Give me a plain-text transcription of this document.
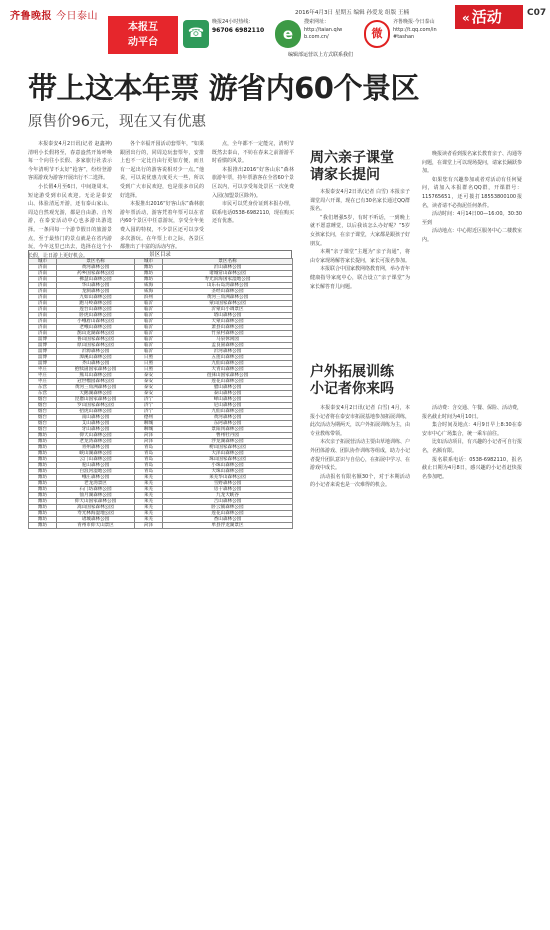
齐鲁晚报 今日泰山	2016年4月3日 星期五 编辑 孙爱龙 组版 王楠	« 活动	C07
本报互
动平台
☎
晚报24小时热线：
96706 6982110	e
搜索网址：
http://taian.qlw
b.com.cn/	微
齐鲁晚报·今日泰山
http://t.qq.com/in
#tashan
编辑部运营以上方式联系我们
带上这本年票 游省内60个景区
原售价96元，现在又有优惠

本报泰安4月2日讯(记者 赵鑫神) 清明小长假将至，春意盎然开始呼唤每一个向往小长假、多家旅行社表示今年清明节不太好“抢客”，纷纷登游客需游戏为游客开展出行不二选择。

小长假4月至6日，中间逢周末，短途游受到市民欢迎。无论是泰安山、体验清远开游，还有泰山家山、周边自然观光游，都是自由游、自驾游，在泰安活动中心也多游出游选择。一条同每一个游节假日的旅游景点，至于最热门的景点就是在省内游玩，今年这里已出去，选择在这个小长假，让日游上更好机会。

各个幸福开园活动套票年，“如果跟团出行的，同周边玩套票年，安排上也不一定比自由行更加方便，而且有一起出行的游客说相对少一点。”他说，可以说优惠力度更大一些，所以受到广大市民欢迎，也是很多市民的好选择。

本报推出2016“好客山东”森林旅游年票活动，游客凭着年票可以在省内60个景区中任意游玩，享受全年免费入园的特权，不少景区还可以享受多次游玩。在年票上市之际，各景区都推出了丰富的活动内容。

点，全年都不一定能完，清明节既然去泰山，不妨在春来之前游游平时看惯的风景。

本报推出2016“好客山东”森林旅游年票，持年票游客在全省60个景区以内，可以享受每处景区一次免费入园(加盟景区除外)。

市民可以凭身份证到本报办理，联系电话0538-6982110，现在购买还有优惠。

景区目录
城市	景区名称	城市	景区名称
济南	黄河森林公园	潍坊	沂山森林公园
济南	药乡国家森林公园	潍坊	诸城常山森林公园
济南	佛慧山森林公园	潍坊	寿光滨海国家湿地公园
济南	华山森林公园	威海	山东石岛湾森林公园
济南	龙洞森林公园	威海	圣经山森林公园
济南	九如山森林公园	滨州	黄河三角洲森林公园
济南	跑马岭森林公园	临沂	蒙山国家森林公园
济南	莲台山森林公园	临沂	沂蒙山小调景区
济南	卧虎山森林公园	临沂	塔山森林公园
济南	小峨眉山森林公园	临沂	天蒙山森林公园
济南	老峨山森林公园	临沂	萧县山森林公园
济南	鹊山龙湖森林公园	临沂	竹泉村森林公园
淄博	鲁山国家森林公园	临沂	马泉休闲园
淄博	原山国家森林公园	临沂	孟良崮森林公园
淄博	沂源森林公园	临沂	沂河森林公园
淄博	潭溪山森林公园	日照	五莲山森林公园
淄博	齐山森林公园	日照	九仙山森林公园
枣庄	抱犊崮国家森林公园	日照	大青山森林公园
枣庄	熊耳山森林公园	泰安	徂徕山国家森林公园
枣庄	冠世榴园森林公园	泰安	莲花山森林公园
东营	黄河三角洲森林公园	泰安	腊山森林公园
东营	天鹅湖森林公园	泰安	泰山森林公园
烟台	昆嵛山国家森林公园	济宁	峄山森林公园
烟台	罗山国家森林公园	济宁	尼山森林公园
烟台	招虎山森林公园	济宁	九仙山森林公园
烟台	南山森林公园	德州	黄河森林公园
烟台	艾山森林公园	聊城	东阿森林公园
烟台	牙山森林公园	聊城	景阳冈森林公园
潍坊	仰天山森林公园	菏泽	曹州牡丹园
潍坊	老龙湾森林公园	菏泽	浮龙湖森林公园
潍坊	青州森林公园	青岛	崂山国家森林公园
潍坊	峡山湖森林公园	青岛	大泽山森林公园
潍坊	云门山森林公园	青岛	珠山国家森林公园
潍坊	驼山森林公园	青岛	小珠山森林公园
潍坊	白浪河湿地公园	青岛	大珠山森林公园
潍坊	峨庄森林公园	莱芜	莱芜华山森林公园
潍坊	老龙湾景区	莱芜	雪野森林公园
潍坊	石门坊森林公园	莱芜	房干森林公园
潍坊	仙月湖森林公园	莱芜	九龙大峡谷
潍坊	仰天山国家森林公园	莱芜	吉山森林公园
潍坊	嵩山国家森林公园	莱芜	卧云铺森林公园
潍坊	寿光林海湿地公园	莱芜	莲花山森林公园
潍坊	诸城森林公园	莱芜	香山森林公园
潍坊	青州市仰天山景区	菏泽	单县浮龙湖景区
周六亲子课堂
请家长提问

本报泰安4月2日讯(记者 白雪) 本报亲子课堂周六开课，现在已有30名家长通过QQ群报名。

“我们增强5岁，有时不听话，一到晚上就不愿意睡觉，以后我该怎么办好呢？”5岁女孩家长问，在亲子课堂，大家都是跟孩子好朋友。

本期“亲子课堂”主题为“亲子沟通”，将由专家现场解答家长提问，家长可报名参加。

本报联合中国家教网络教育网，举办青年健康指导家庭中心，联合设立“亲子课堂”为家长解答育儿问题。

晚报读者看到报名家长教育亲子、沟通等问题，在课堂上可以现场提问，请家长踊跃参加。

如果您有兴趣参加或者对活动有任何疑问，请加入本报群名QQ群，开课群号：115765651，还可拨打18553800100报名，读者请不必拘泥任何条件。

活动时间：4月14日00—16:00。30:30至到

活动地点：中心附近区服务中心二楼教室内。

户外拓展训练
小记者你来吗

本报泰安4月2日讯(记者 白雪) 4月，本报小记者将在泰安市拓展基地参加拓展训练，此次活动为期两天，以户外拓展训练为主，由专业教练带领。

本次亲子拓展营活动主要由草地训练、户外团体游戏、团队协作训练等组成，助力小记者提升团队意识与自信心，在拓展中学习、在游戏中成长。

活动报名有限名额30个，对于本期活动的小记者来说也是一次难得的机会。

活动费：含交通、午餐、保险、活动费，报名截止时间为4月10日。

集合时间及地点：4月9日早上8:30在泰安市中心广场集合，统一乘车前往。

比如活动项目，有兴趣的小记者可自行报名，名额有限。

报名联系电话：0538-6982110，报名截止日期为4月8日，感兴趣的小记者赶快报名参加吧。
